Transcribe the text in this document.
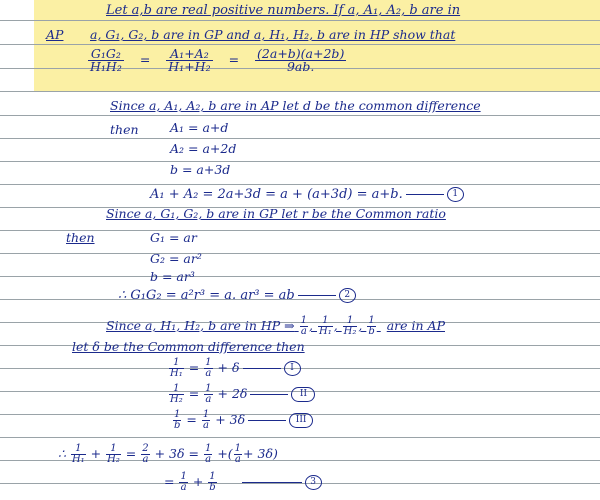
Let a,b are real positive numbers. If a, A₁, A₂, b are in
AP a, G₁, G₂, b are in GP and a, H₁, H₂, b are in HP show that
$\frac{\text{G₁G₂}}{\text{H₁H₂}} = \frac{\text{A₁+A₂}}{\text{H₁+H₂}} = \frac{(2a+b)(a+2b)}{9ab.}$
Since a, A₁, A₂, b are in AP let d be the common difference
then	A₁ = a+d
A₂ = a+2d
b = a+3d
A₁ + A₂ = 2a+3d = a + (a+3d) = a+b.	1
Since a, G₁, G₂, b are in GP let r be the Common ratio
then	G₁ = ar
G₂ = ar²
b = ar³
∴ G₁G₂ = a²r³ = a. ar³ = ab	2
Since a, H₁, H₂, b are in HP ⇒ $\frac{1}{a}$ , $\frac{1}{\text{H₁}}$ , $\frac{1}{\text{H₂}}$ , $\frac{1}{b}$ are in AP
let δ be the Common difference then
$\frac{1}{\text{H₁}} = \frac{1}{a} + \delta$	I
$\frac{1}{\text{H₂}} = \frac{1}{a} + 2\delta$	II
$\frac{1}{b} = \frac{1}{a} + 3\delta$	III
∴ $\frac{1}{\text{H₁}} + \frac{1}{\text{H₂}} = \frac{2}{a} + 3\delta = \frac{1}{a}$ +( $\frac{1}{a} + 3\delta$)
= $\frac{1}{a} + \frac{1}{b}$	3
